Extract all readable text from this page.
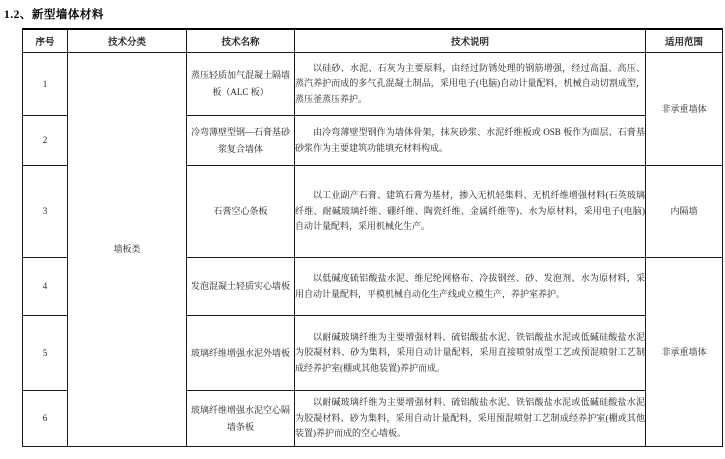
1.2、新型墙体材料
序号	技术分类	技术名称	技术说明	适用范围
1	墙板类	蒸压轻质加气混凝土隔墙板（ALC 板）	以硅砂、水泥、石灰为主要原料，由经过防锈处理的钢筋增强，经过高温、高压、蒸汽养护而成的多气孔混凝土制品，采用电子(电脑)自动计量配料，机械自动切割成型，蒸压釜蒸压养护。	非承重墙体
2		冷弯薄壁型钢—石膏基砂浆复合墙体	由冷弯薄壁型钢作为墙体骨架，抹灰砂浆、水泥纤维板或 OSB 板作为面层、石膏基砂浆作为主要建筑功能填充材料构成。	

3		石膏空心条板	以工业副产石膏、建筑石膏为基材，掺入无机轻集料、无机纤维增强材料(石英玻璃纤维、耐碱玻璃纤维、硼纤维、陶瓷纤维、金属纤维等)、水为原材料，采用电子(电脑)自动计量配料，采用机械化生产。	内隔墙
4		发泡混凝土轻质实心墙板	以低碱度硫铝酸盐水泥、维尼纶网格布、冷拔钢丝、砂、发泡剂、水为原材料，采用自动计量配料，平模机械自动化生产线或立模生产，养护室养护。	非承重墙体
5		玻璃纤维增强水泥外墙板	以耐碱玻璃纤维为主要增强材料、硫铝酸盐水泥、铁铝酸盐水泥或低碱硅酸盐水泥为胶凝材料、砂为集料，采用自动计量配料，采用直接喷射成型工艺或预混喷射工艺制成经养护室(棚或其他装置)养护而成。	

6		玻璃纤维增强水泥空心隔墙条板	以耐碱玻璃纤维为主要增强材料、硫铝酸盐水泥、铁铝酸盐水泥或低碱硅酸盐水泥为胶凝材料、砂为集料，采用自动计量配料，采用预混喷射工艺制成经养护室(棚或其他装置)养护而成的空心墙板。	
